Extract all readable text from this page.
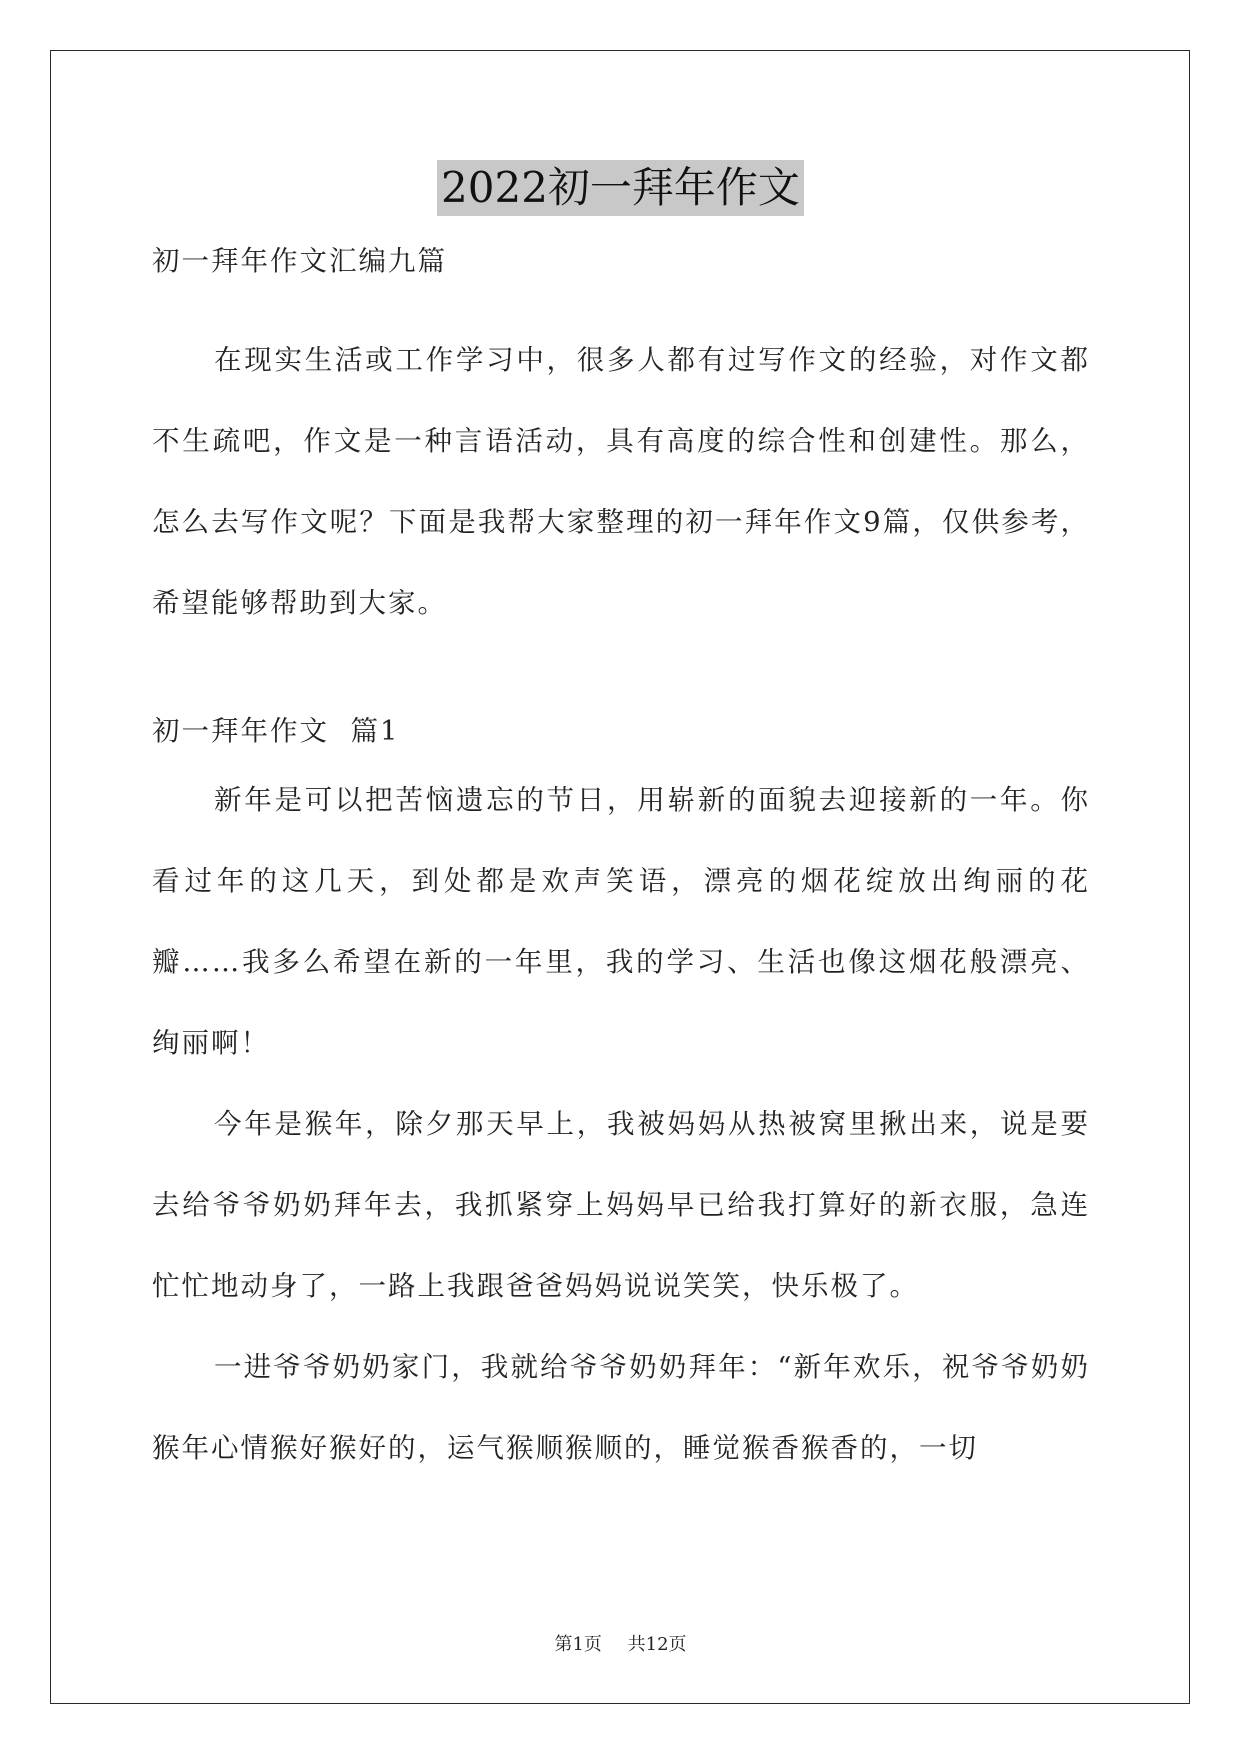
2022初一拜年作文

初一拜年作文汇编九篇

在现实生活或工作学习中，很多人都有过写作文的经验，对作文都不生疏吧，作文是一种言语活动，具有高度的综合性和创建性。那么，怎么去写作文呢？下面是我帮大家整理的初一拜年作文9篇，仅供参考，希望能够帮助到大家。

初一拜年作文  篇1

新年是可以把苦恼遗忘的节日，用崭新的面貌去迎接新的一年。你看过年的这几天，到处都是欢声笑语，漂亮的烟花绽放出绚丽的花瓣……我多么希望在新的一年里，我的学习、生活也像这烟花般漂亮、绚丽啊！

今年是猴年，除夕那天早上，我被妈妈从热被窝里揪出来，说是要去给爷爷奶奶拜年去，我抓紧穿上妈妈早已给我打算好的新衣服，急连忙忙地动身了，一路上我跟爸爸妈妈说说笑笑，快乐极了。

一进爷爷奶奶家门，我就给爷爷奶奶拜年：“新年欢乐，祝爷爷奶奶猴年心情猴好猴好的，运气猴顺猴顺的，睡觉猴香猴香的，一切

第1页 共12页
